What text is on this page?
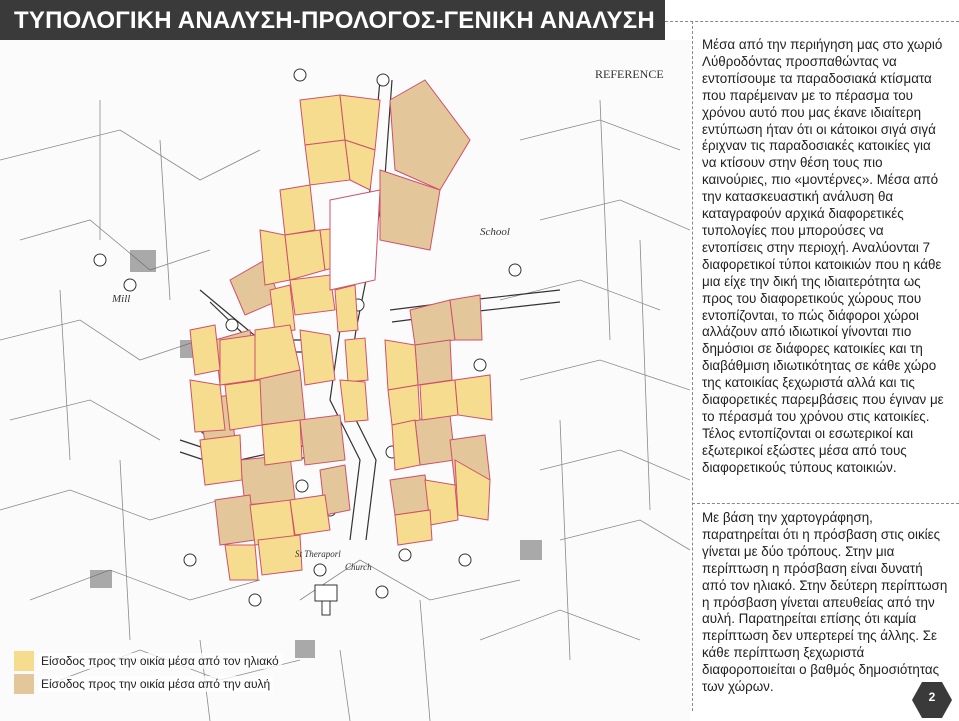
ΤΥΠΟΛΟΓΙΚΗ ΑΝΑΛΥΣΗ-ΠΡΟΛΟΓΟΣ-ΓΕΝΙΚΗ ΑΝΑΛΥΣΗ
REFERENCE
School
Mill
St Theraporl
Church
Είσοδος προς την οικία μέσα από τον ηλιακό
Είσοδος προς την οικία μέσα από την αυλή
Μέσα από την περιήγηση μας στο χωριό Λύθροδόντας προσπαθώντας να εντοπίσουμε τα παραδοσιακά κτίσματα που παρέμειναν με το πέρασμα του χρόνου αυτό που μας έκανε ιδιαίτερη εντύπωση ήταν ότι οι κάτοικοι σιγά σιγά έριχναν τις παραδοσιακές κατοικίες για να κτίσουν στην θέση τους πιο καινούριες, πιο «μοντέρνες». Μέσα από την κατασκευαστική ανάλυση θα καταγραφούν αρχικά διαφορετικές τυπολογίες που μπορούσες να εντοπίσεις στην περιοχή. Αναλύονται 7 διαφορετικοί τύποι κατοικιών που η κάθε μια είχε την δική της ιδιαιτερότητα ως προς του διαφορετικούς χώρους που εντοπίζονται, το πώς διάφοροι χώροι αλλάζουν από ιδιωτικοί γίνονται πιο δημόσιοι σε διάφορες κατοικίες και τη διαβάθμιση ιδιωτικότητας σε κάθε χώρο της κατοικίας ξεχωριστά αλλά και τις διαφορετικές παρεμβάσεις που έγιναν με το πέρασμά του χρόνου στις κατοικίες. Τέλος εντοπίζονται οι εσωτερικοί και εξωτερικοί εξώστες μέσα από τους διαφορετικούς τύπους κατοικιών.
Με βάση την χαρτογράφηση, παρατηρείται ότι η πρόσβαση στις οικίες γίνεται με δύο τρόπους. Στην μια περίπτωση η πρόσβαση είναι δυνατή από τον ηλιακό. Στην δεύτερη περίπτωση η πρόσβαση γίνεται απευθείας από την αυλή. Παρατηρείται επίσης ότι καμία περίπτωση δεν υπερτερεί της άλλης. Σε κάθε περίπτωση ξεχωριστά διαφοροποιείται ο βαθμός δημοσιότητας των χώρων.
2
